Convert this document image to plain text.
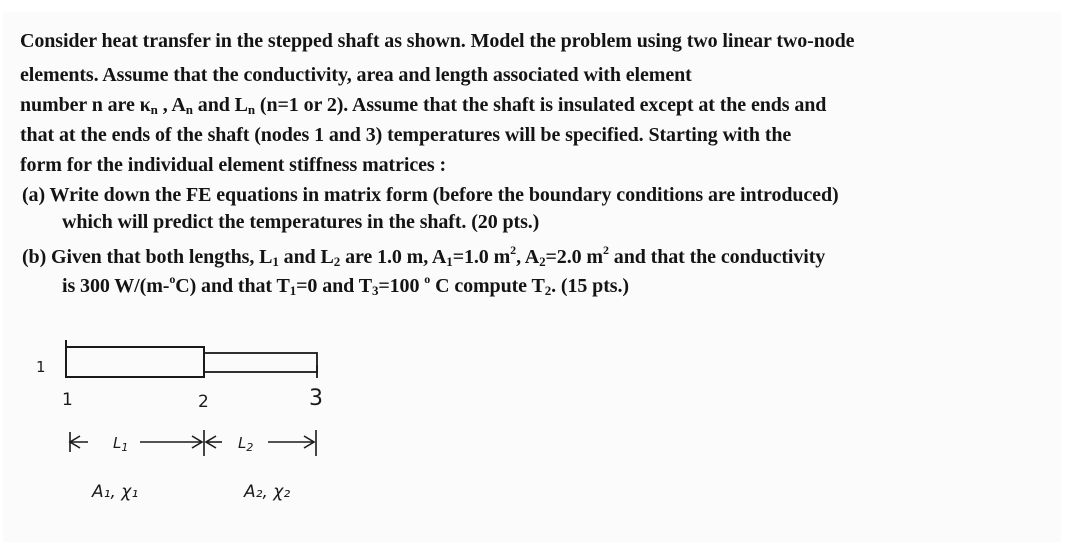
Consider heat transfer in the stepped shaft as shown. Model the problem using two linear two-node
elements. Assume that the conductivity, area and length associated with element
number n are $\kappa_n$ , $A_n$ and $L_n$ (n=1 or 2). Assume that the shaft is insulated except at the ends and
that at the ends of the shaft (nodes 1 and 3) temperatures will be specified. Starting with the
form for the individual element stiffness matrices :
(a) Write down the FE equations in matrix form (before the boundary conditions are introduced)
which will predict the temperatures in the shaft. (20 pts.)
(b) Given that both lengths, $L_1$ and $L_2$ are 1.0 m, $A_1=1.0$ $m^2$, $A_2=2.0$ $m^2$ and that the conductivity
is 300 W/(m-$^o$C) and that $T_1=0$ and $T_3=100$ $^o$ C compute $T_2$. (15 pts.)
1
1	2	3
$L_1$	$L_2$
A₁, χ₁	A₂, χ₂
